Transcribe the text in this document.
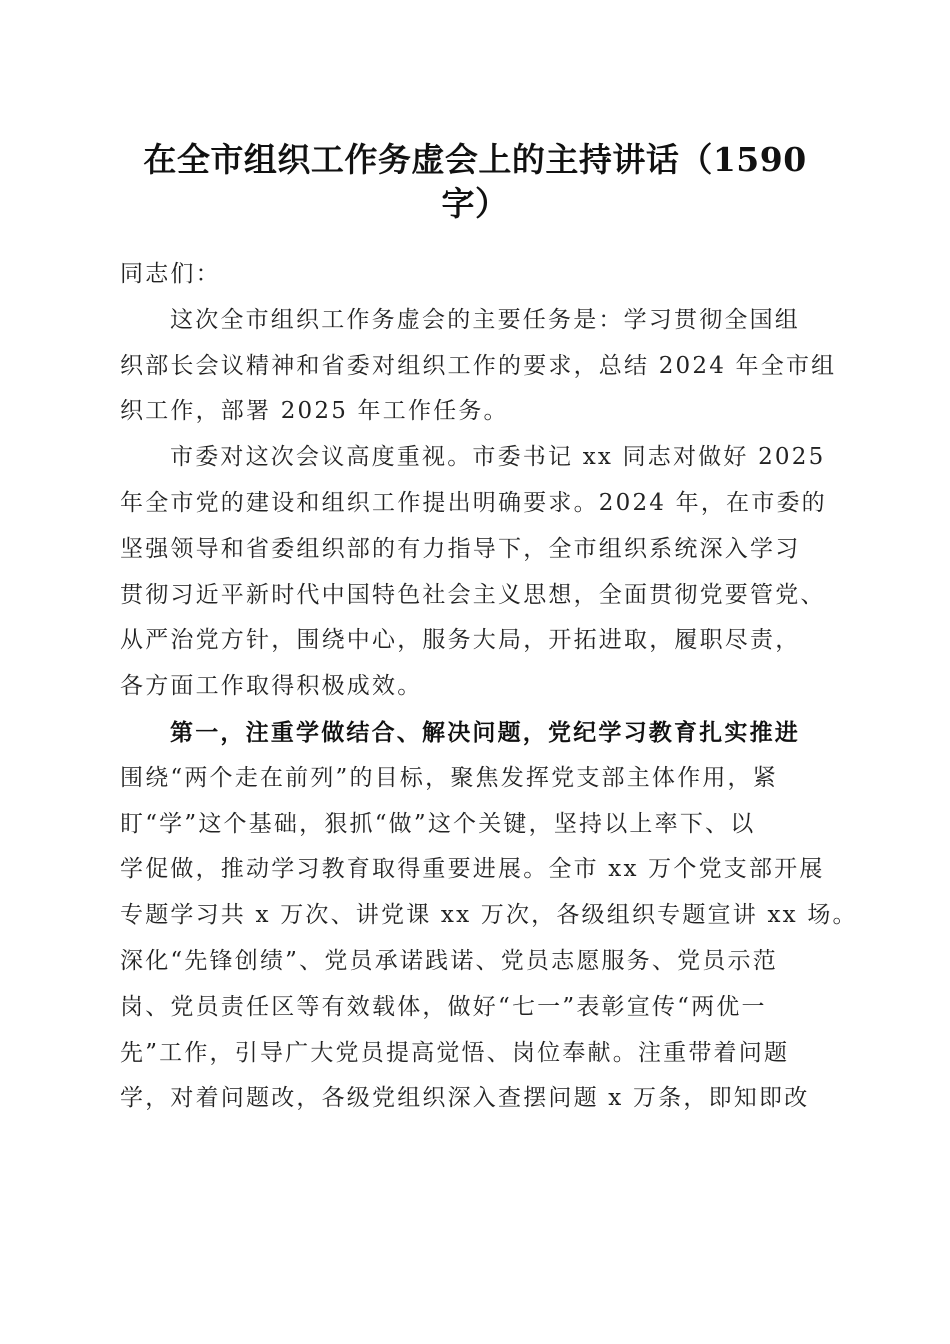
在全市组织工作务虚会上的主持讲话（1590
字）
同志们：
这次全市组织工作务虚会的主要任务是：学习贯彻全国组
织部长会议精神和省委对组织工作的要求，总结 2024 年全市组
织工作，部署 2025 年工作任务。
市委对这次会议高度重视。市委书记 xx 同志对做好 2025
年全市党的建设和组织工作提出明确要求。2024 年，在市委的
坚强领导和省委组织部的有力指导下，全市组织系统深入学习
贯彻习近平新时代中国特色社会主义思想，全面贯彻党要管党、
从严治党方针，围绕中心，服务大局，开拓进取，履职尽责，
各方面工作取得积极成效。
第一，注重学做结合、解决问题，党纪学习教育扎实推进
围绕“两个走在前列”的目标，聚焦发挥党支部主体作用，紧
盯“学”这个基础，狠抓“做”这个关键，坚持以上率下、以
学促做，推动学习教育取得重要进展。全市 xx 万个党支部开展
专题学习共 x 万次、讲党课 xx 万次，各级组织专题宣讲 xx 场。
深化“先锋创绩”、党员承诺践诺、党员志愿服务、党员示范
岗、党员责任区等有效载体，做好“七一”表彰宣传“两优一
先”工作，引导广大党员提高觉悟、岗位奉献。注重带着问题
学，对着问题改，各级党组织深入查摆问题 x 万条，即知即改
